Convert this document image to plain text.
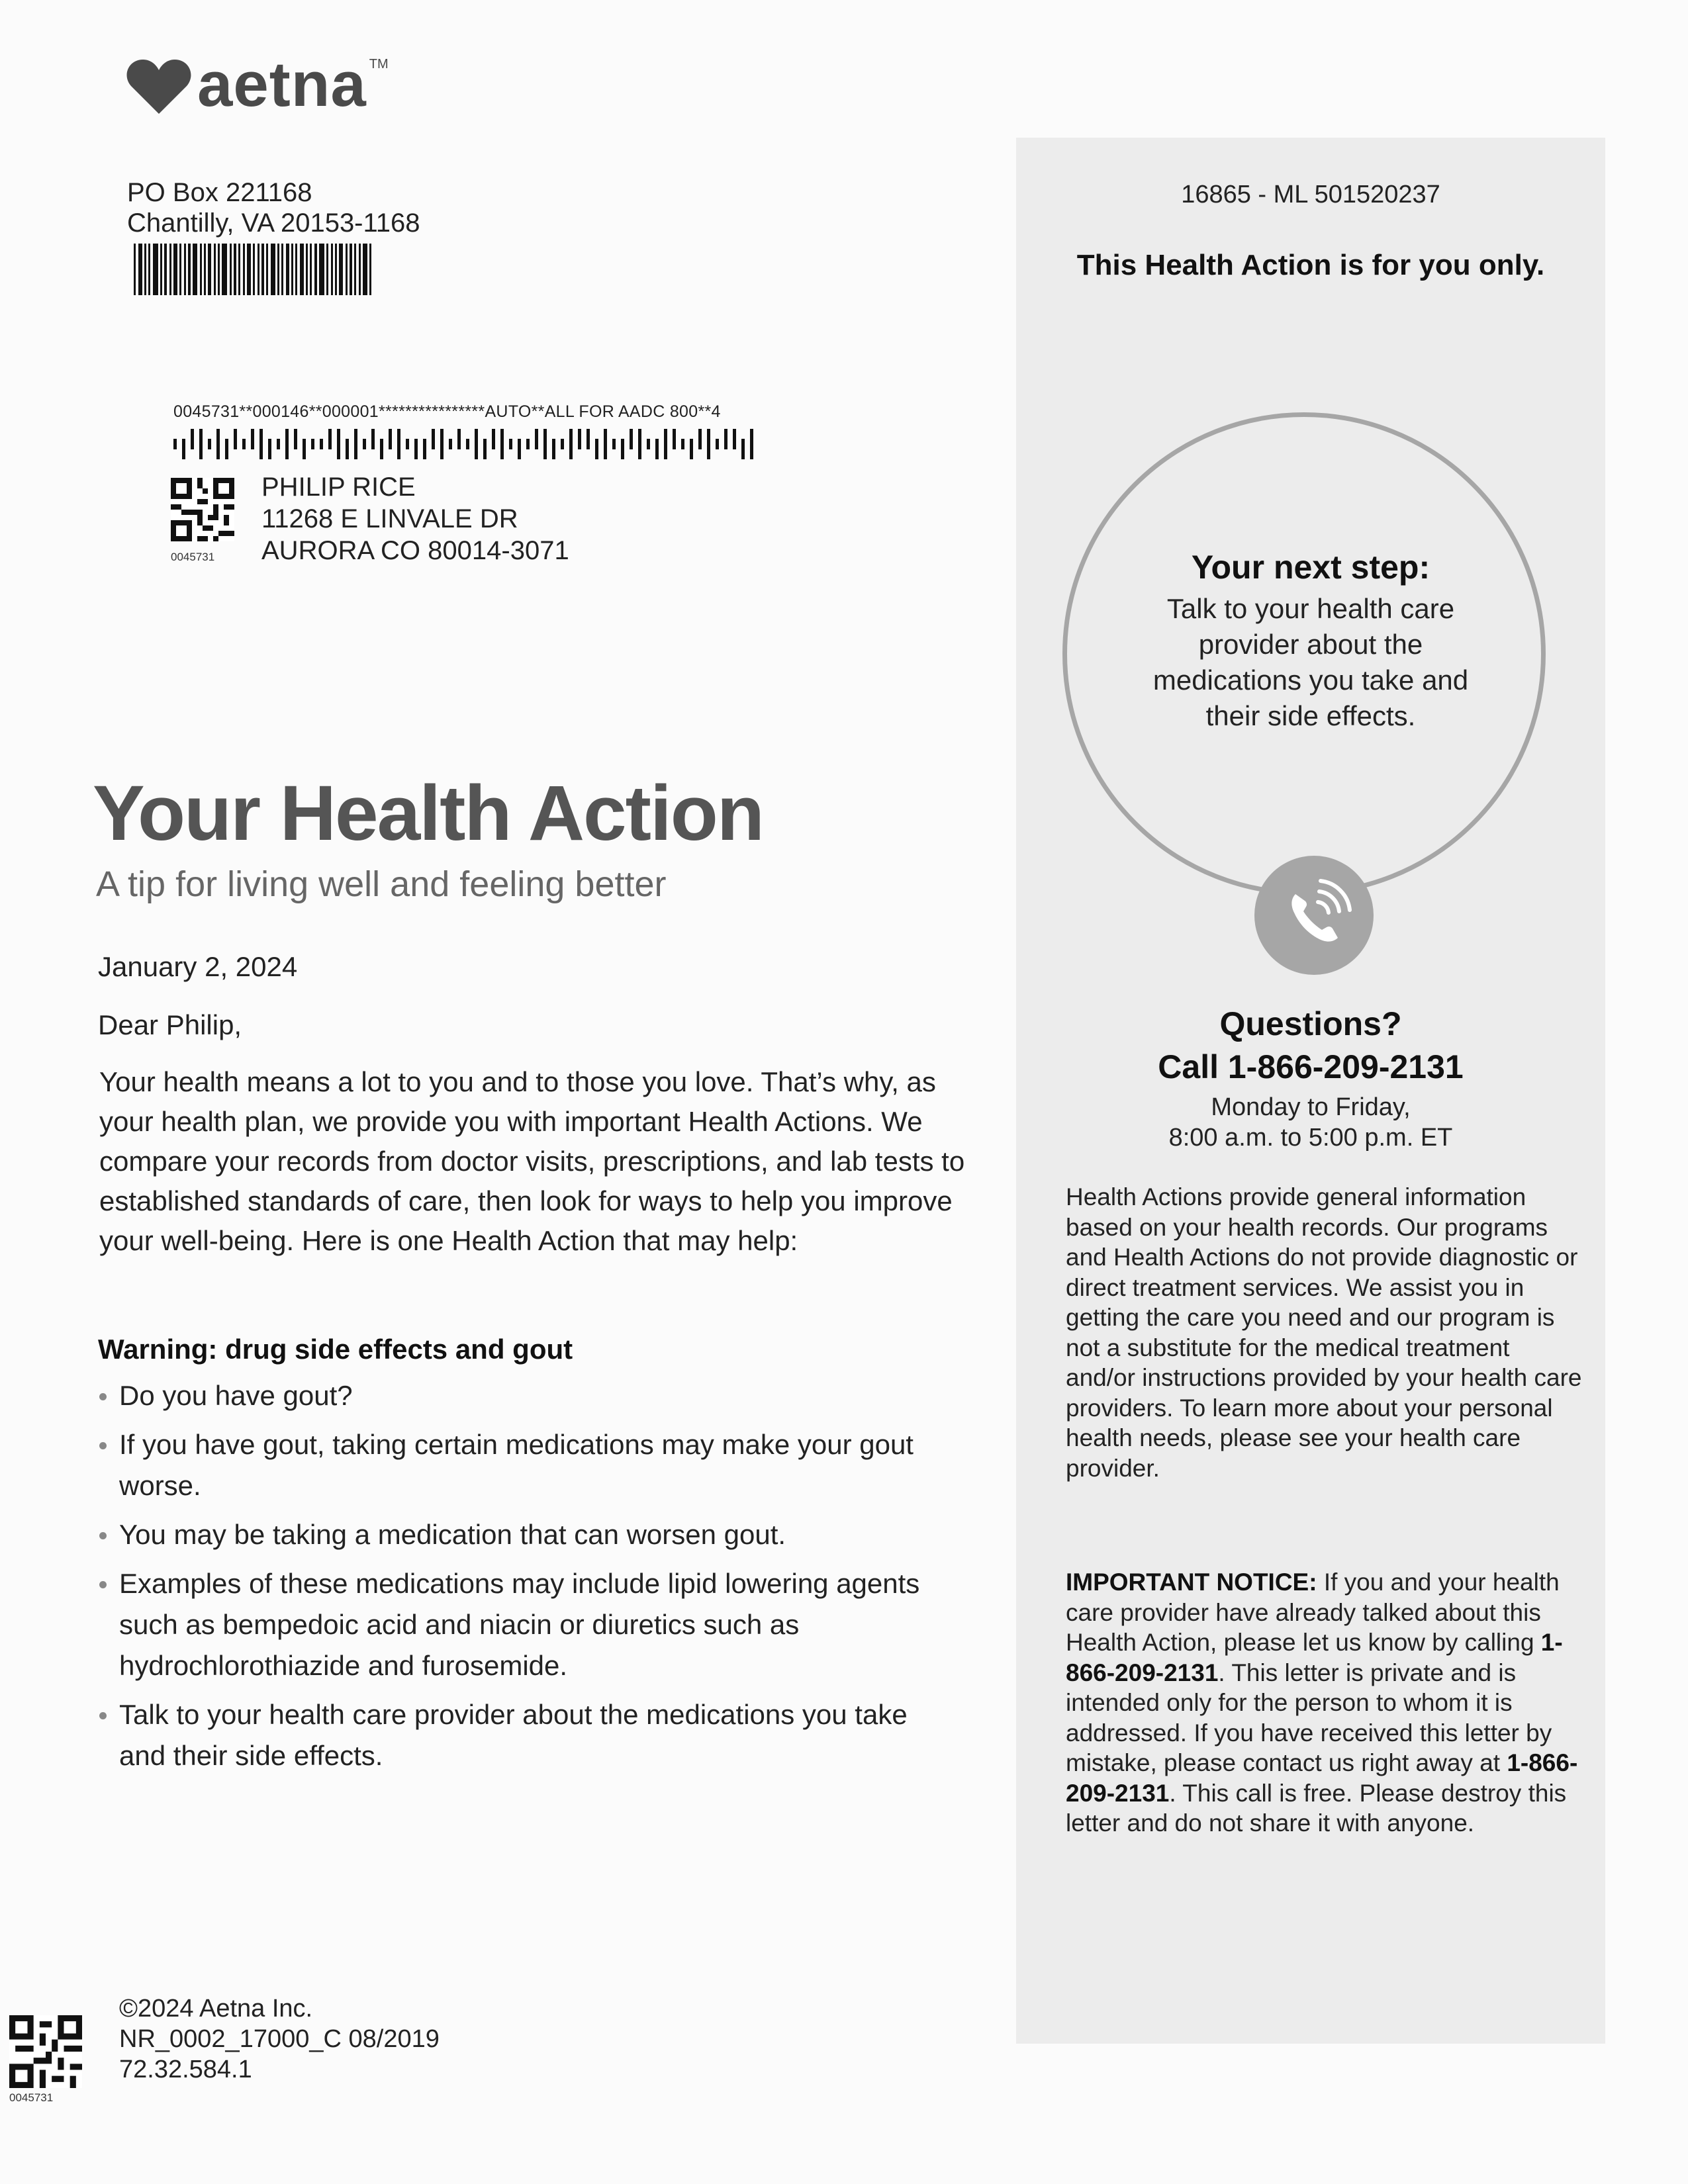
aetna TM
PO Box 221168
Chantilly, VA 20153-1168
0045731**000146**000001****************AUTO**ALL FOR AADC 800**4
0045731
PHILIP RICE
11268 E LINVALE DR
AURORA CO 80014-3071
Your Health Action
A tip for living well and feeling better
January 2, 2024
Dear Philip,
Your health means a lot to you and to those you love. That’s why, as your health plan, we provide you with important Health Actions. We compare your records from doctor visits, prescriptions, and lab tests to established standards of care, then look for ways to help you improve your well-being. Here is one Health Action that may help:
Warning: drug side effects and gout
Do you have gout?
If you have gout, taking certain medications may make your gout worse.
You may be taking a medication that can worsen gout.
Examples of these medications may include lipid lowering agents such as bempedoic acid and niacin or diuretics such as hydrochlorothiazide and furosemide.
Talk to your health care provider about the medications you take and their side effects.
0045731
©2024 Aetna Inc.
NR_0002_17000_C 08/2019
72.32.584.1
16865 - ML 501520237
This Health Action is for you only.
Your next step:
Talk to your health care provider about the medications you take and their side effects.
Questions?
Call 1-866-209-2131
Monday to Friday,
8:00 a.m. to 5:00 p.m. ET
Health Actions provide general information based on your health records. Our programs and Health Actions do not provide diagnostic or direct treatment services. We assist you in getting the care you need and our program is not a substitute for the medical treatment and/or instructions provided by your health care providers. To learn more about your personal health needs, please see your health care provider.
IMPORTANT NOTICE: If you and your health care provider have already talked about this Health Action, please let us know by calling 1-866-209-2131. This letter is private and is intended only for the person to whom it is addressed. If you have received this letter by mistake, please contact us right away at 1-866-209-2131. This call is free. Please destroy this letter and do not share it with anyone.
